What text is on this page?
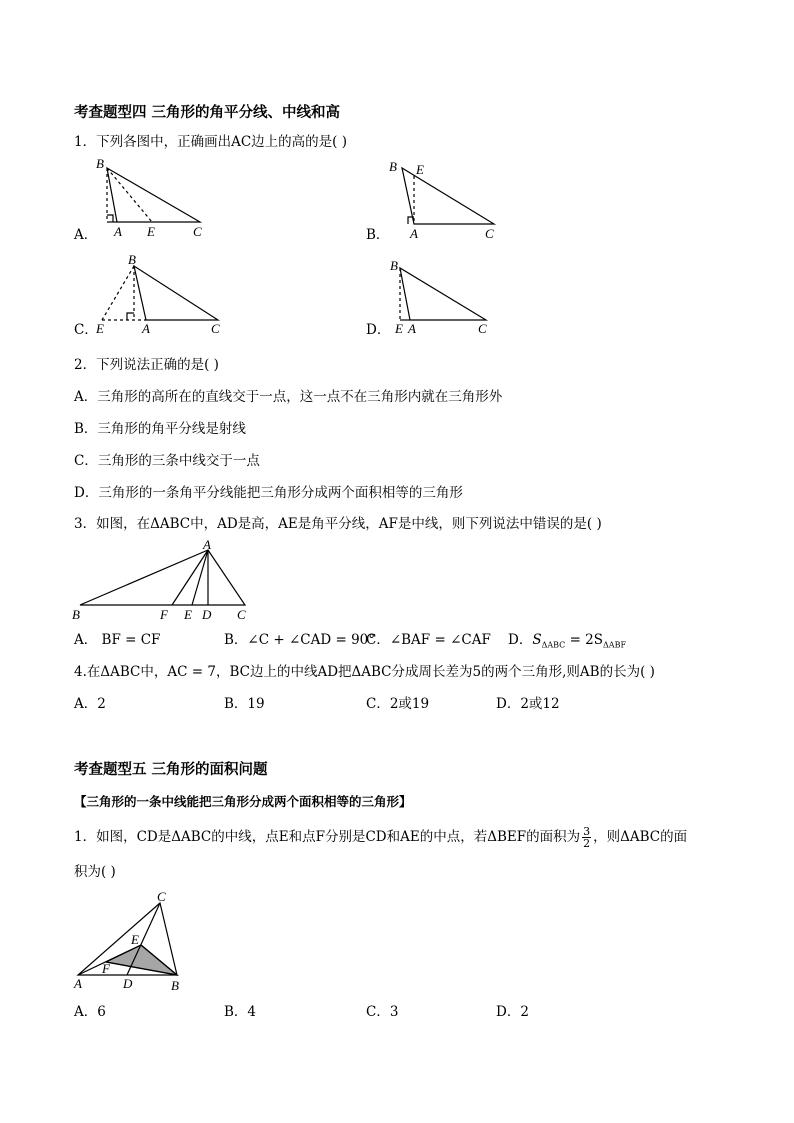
考查题型四 三角形的角平分线、中线和高
1．下列各图中，正确画出AC边上的高的是( )
A．	B．
C．	D．
B
A E	C
B E
A	C
B
E	A	C
B
E A	C
A
B	F E D C
C
E
F
A	D	B
2．下列说法正确的是( )
A．三角形的高所在的直线交于一点，这一点不在三角形内就在三角形外
B．三角形的角平分线是射线
C．三角形的三条中线交于一点
D．三角形的一条角平分线能把三角形分成两个面积相等的三角形
3．如图，在ΔABC中，AD是高，AE是角平分线，AF是中线，则下列说法中错误的是( )
A． BF = CF	B．∠C + ∠CAD = 90°
C．∠BAF = ∠CAF D．$S_{\Delta ABC} = 2S_{\Delta ABF}$
4.在ΔABC中，AC = 7，BC边上的中线AD把ΔABC分成周长差为5的两个三角形,则AB的长为( )
A．2	B．19	C．2或19	D．2或12
考查题型五 三角形的面积问题
【三角形的一条中线能把三角形分成两个面积相等的三角形】
1．如图，CD是ΔABC的中线，点E和点F分别是CD和AE的中点，若ΔBEF的面积为 $\frac{3}{2}$ ，则ΔABC的面
积为( )
A．6	B．4	C．3	D．2
